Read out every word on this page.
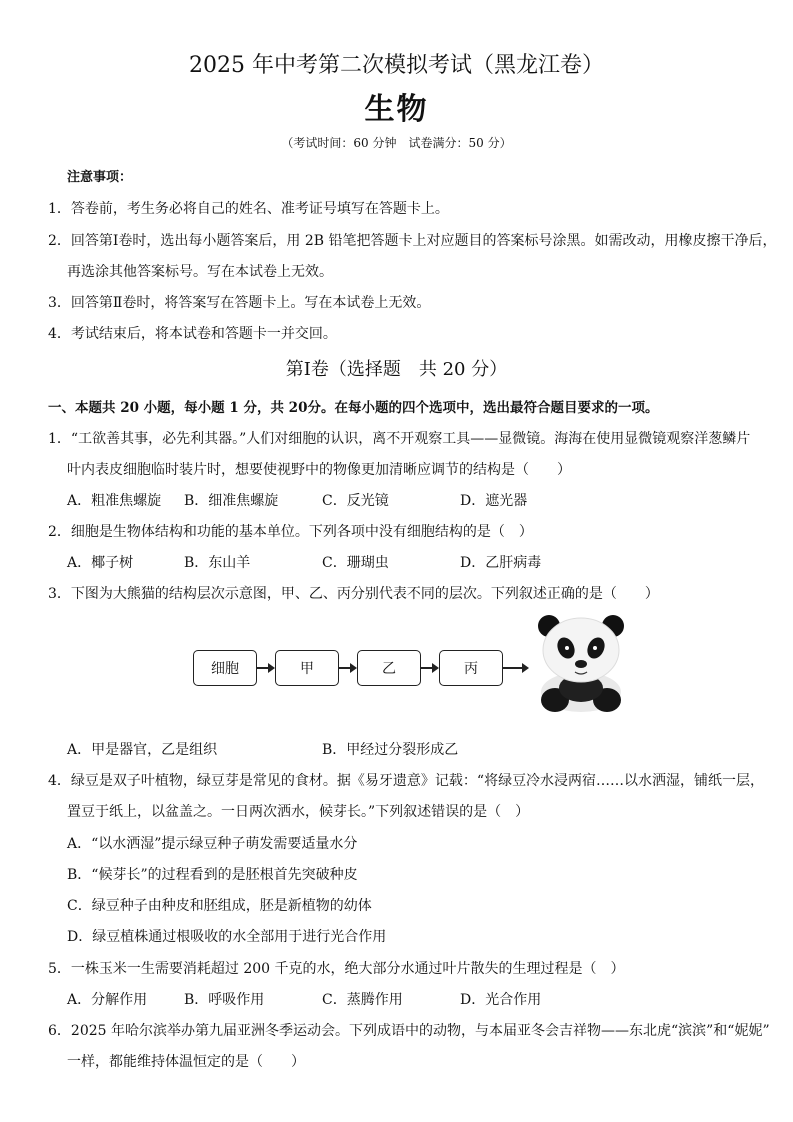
2025 年中考第二次模拟考试（黑龙江卷）
生物
（考试时间：60 分钟　试卷满分：50 分）
注意事项：
1．答卷前，考生务必将自己的姓名、准考证号填写在答题卡上。
2．回答第Ⅰ卷时，选出每小题答案后，用 2B 铅笔把答题卡上对应题目的答案标号涂黑。如需改动，用橡皮擦干净后，
再选涂其他答案标号。写在本试卷上无效。
3．回答第Ⅱ卷时，将答案写在答题卡上。写在本试卷上无效。
4．考试结束后，将本试卷和答题卡一并交回。
第Ⅰ卷（选择题　共 20 分）
一、本题共 20 小题，每小题 1 分，共 20分。在每小题的四个选项中，选出最符合题目要求的一项。
1．“工欲善其事，必先利其器。”人们对细胞的认识，离不开观察工具——显微镜。海海在使用显微镜观察洋葱鳞片
叶内表皮细胞临时装片时，想要使视野中的物像更加清晰应调节的结构是（　　）
A．粗准焦螺旋 B．细准焦螺旋	C．反光镜	D．遮光器
2．细胞是生物体结构和功能的基本单位。下列各项中没有细胞结构的是（　）
A．椰子树	B．东山羊	C．珊瑚虫	D．乙肝病毒
3．下图为大熊猫的结构层次示意图，甲、乙、丙分别代表不同的层次。下列叙述正确的是（　　）
细胞	甲	乙	丙
A．甲是器官，乙是组织	B．甲经过分裂形成乙
4．绿豆是双子叶植物，绿豆芽是常见的食材。据《易牙遗意》记载：“将绿豆冷水浸两宿……以水洒湿，铺纸一层，
置豆于纸上，以盆盖之。一日两次洒水，候芽长。”下列叙述错误的是（　）
A．“以水洒湿”提示绿豆种子萌发需要适量水分
B．“候芽长”的过程看到的是胚根首先突破种皮
C．绿豆种子由种皮和胚组成，胚是新植物的幼体
D．绿豆植株通过根吸收的水全部用于进行光合作用
5．一株玉米一生需要消耗超过 200 千克的水，绝大部分水通过叶片散失的生理过程是（　）
A．分解作用	B．呼吸作用	C．蒸腾作用	D．光合作用
6．2025 年哈尔滨举办第九届亚洲冬季运动会。下列成语中的动物，与本届亚冬会吉祥物——东北虎“滨滨”和“妮妮”
一样，都能维持体温恒定的是（　　）
